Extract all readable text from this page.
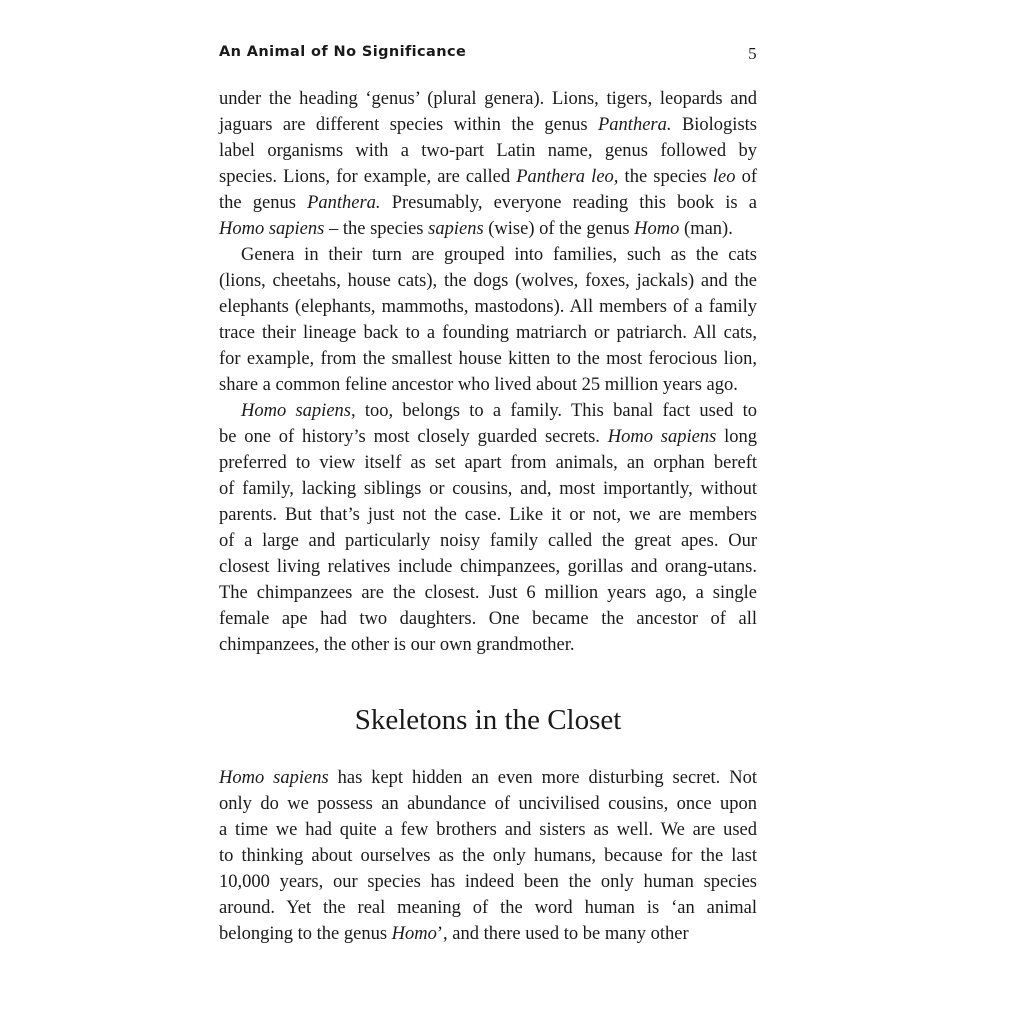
An Animal of No Significance	5
under the heading ‘genus’ (plural genera). Lions, tigers, leopards and
jaguars are different species within the genus Panthera. Biologists
label organisms with a two-part Latin name, genus followed by
species. Lions, for example, are called Panthera leo, the species leo of
the genus Panthera. Presumably, everyone reading this book is a
Homo sapiens – the species sapiens (wise) of the genus Homo (man).
Genera in their turn are grouped into families, such as the cats
(lions, cheetahs, house cats), the dogs (wolves, foxes, jackals) and the
elephants (elephants, mammoths, mastodons). All members of a family
trace their lineage back to a founding matriarch or patriarch. All cats,
for example, from the smallest house kitten to the most ferocious lion,
share a common feline ancestor who lived about 25 million years ago.
Homo sapiens, too, belongs to a family. This banal fact used to
be one of history’s most closely guarded secrets. Homo sapiens long
preferred to view itself as set apart from animals, an orphan bereft
of family, lacking siblings or cousins, and, most importantly, without
parents. But that’s just not the case. Like it or not, we are members
of a large and particularly noisy family called the great apes. Our
closest living relatives include chimpanzees, gorillas and orang-utans.
The chimpanzees are the closest. Just 6 million years ago, a single
female ape had two daughters. One became the ancestor of all
chimpanzees, the other is our own grandmother.
Skeletons in the Closet
Homo sapiens has kept hidden an even more disturbing secret. Not
only do we possess an abundance of uncivilised cousins, once upon
a time we had quite a few brothers and sisters as well. We are used
to thinking about ourselves as the only humans, because for the last
10,000 years, our species has indeed been the only human species
around. Yet the real meaning of the word human is ‘an animal
belonging to the genus Homo’, and there used to be many other
